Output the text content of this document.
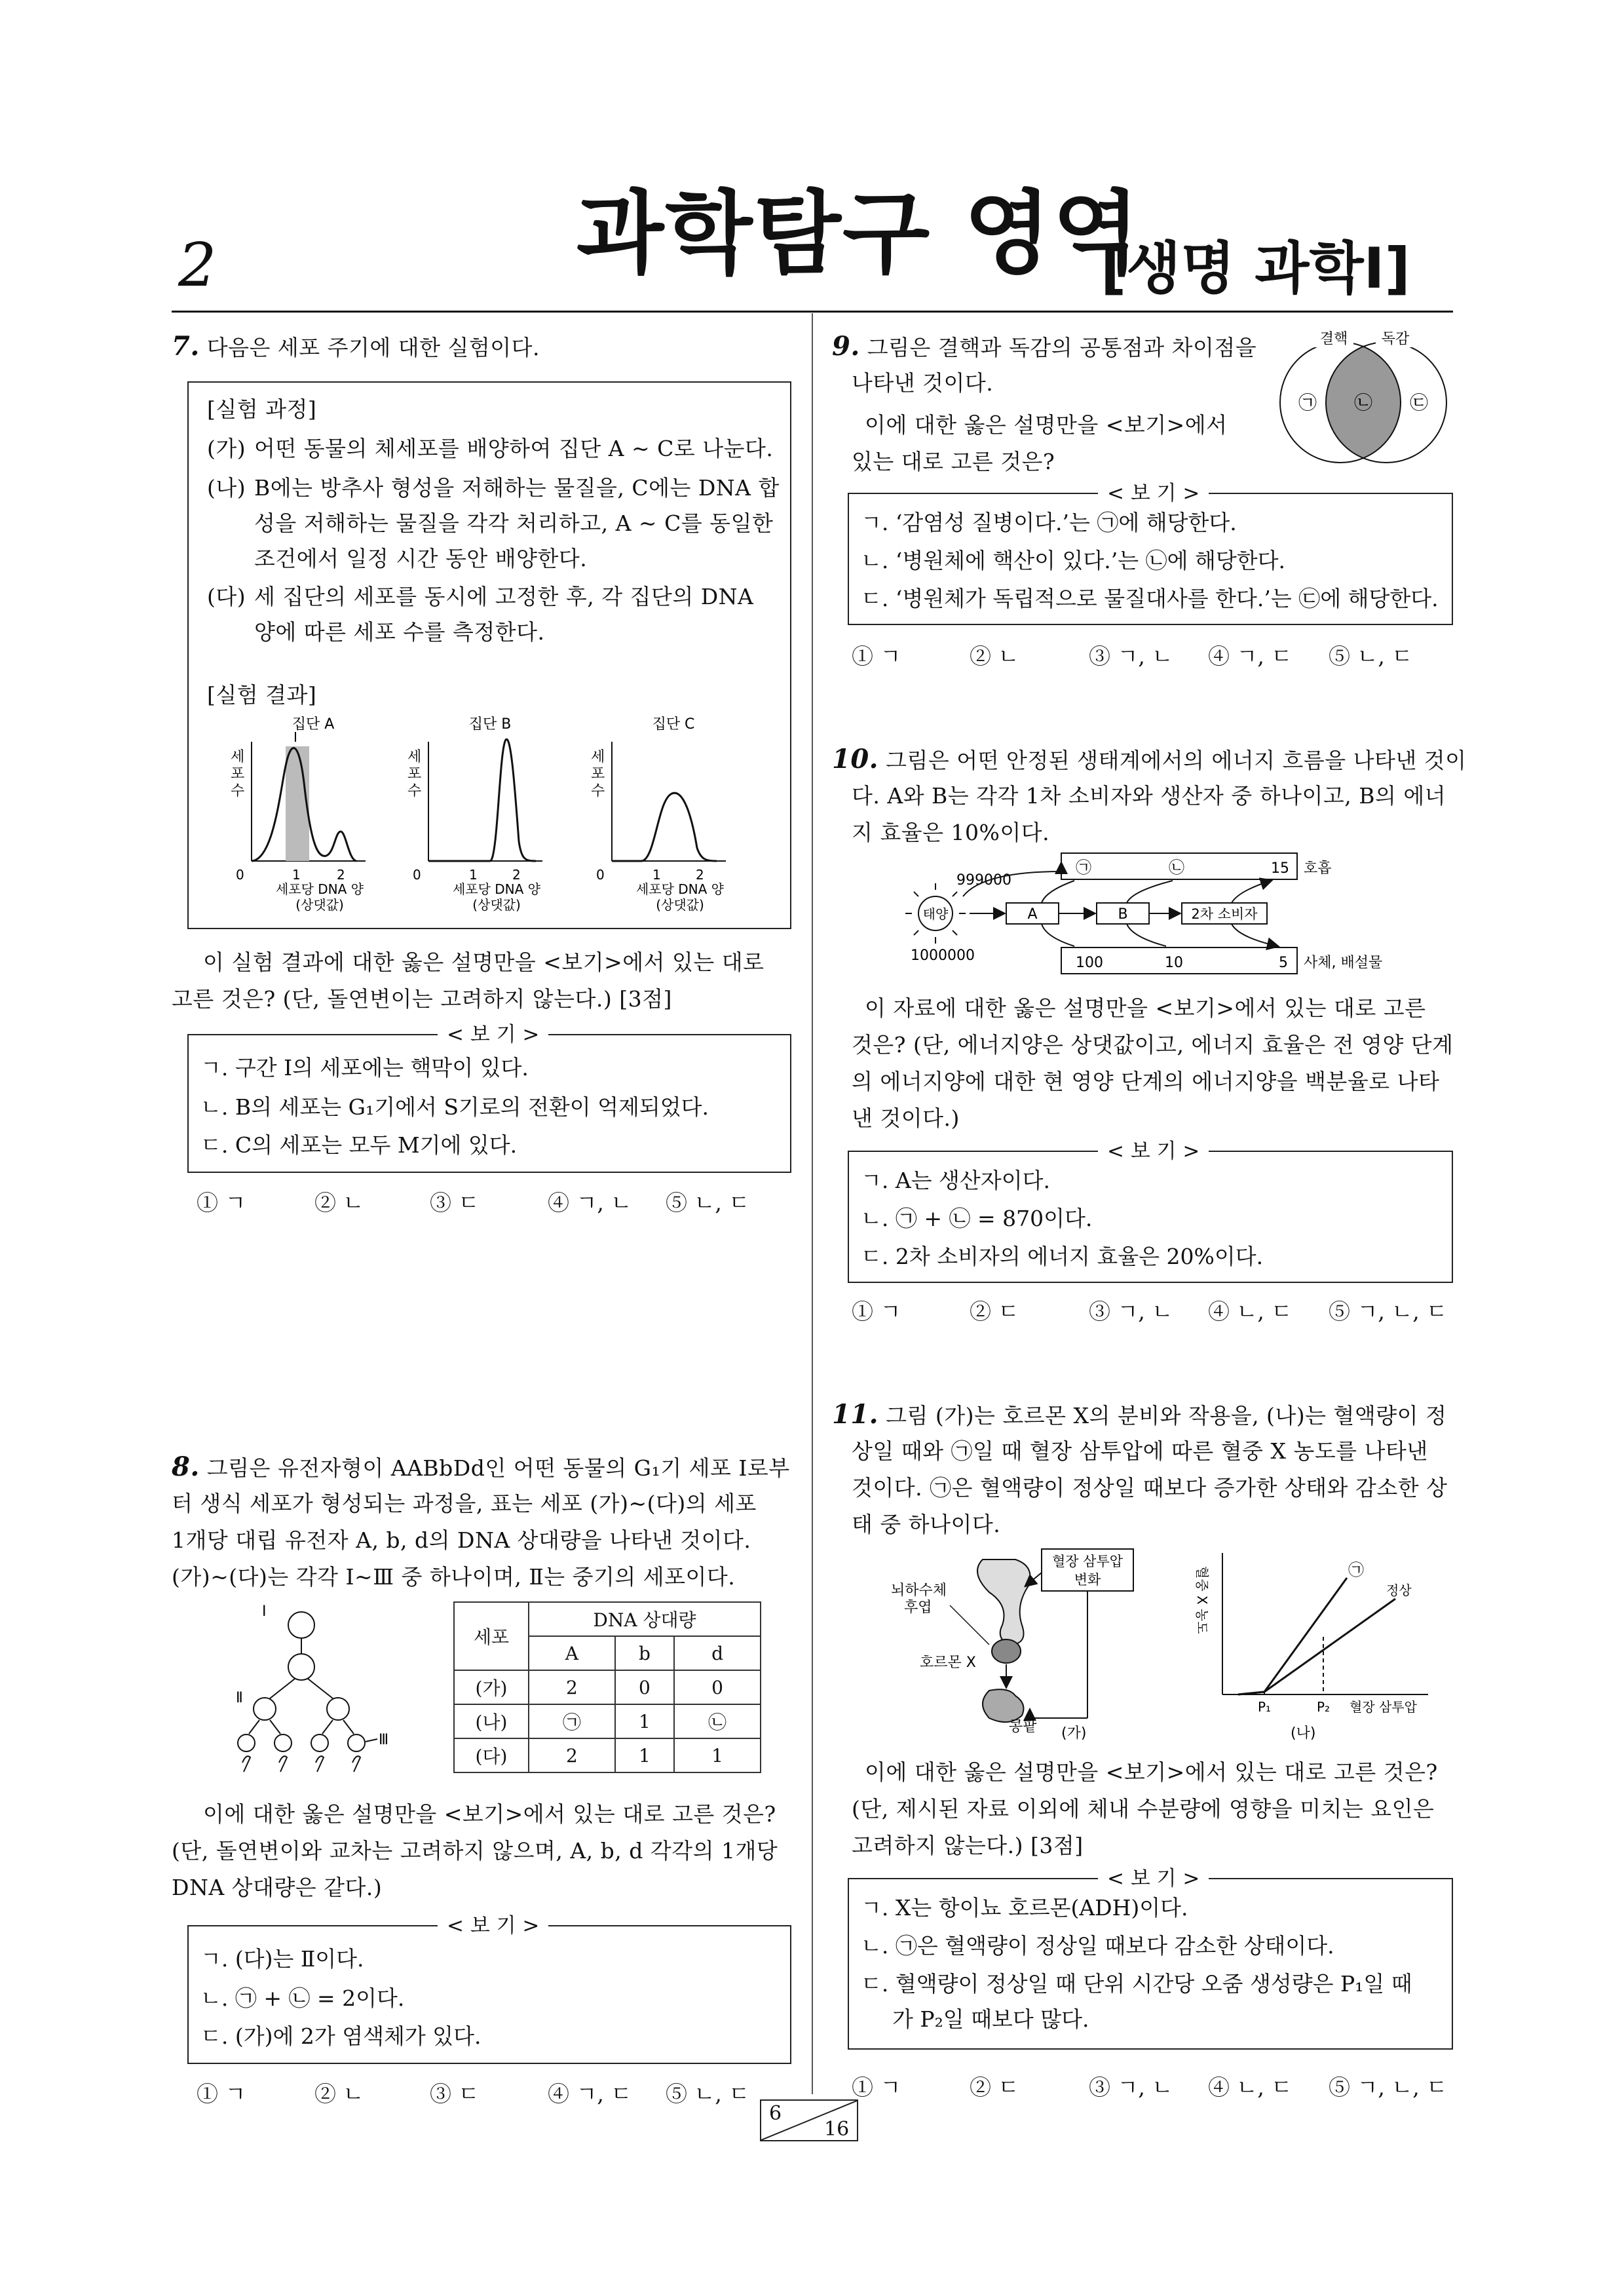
2	과학탐구 영역
[생명 과학Ⅰ]
7. 다음은 세포 주기에 대한 실험이다.
[실험 과정]
(가) 어떤 동물의 체세포를 배양하여 집단 A ~ C로 나눈다.
(나) B에는 방추사 형성을 저해하는 물질을, C에는 DNA 합
성을 저해하는 물질을 각각 처리하고, A ~ C를 동일한
조건에서 일정 시간 동안 배양한다.
(다) 세 집단의 세포를 동시에 고정한 후, 각 집단의 DNA
양에 따른 세포 수를 측정한다.
[실험 결과]
집단 A
세
포
수
Ⅰ
0	1	2
세포당 DNA 양
(상댓값)
집단 B
세
포
수
0	1	2
세포당 DNA 양
(상댓값)
집단 C
세
포
수
0	1	2
세포당 DNA 양
(상댓값)
이 실험 결과에 대한 옳은 설명만을 <보기>에서 있는 대로
고른 것은? (단, 돌연변이는 고려하지 않는다.) [3점]
< 보 기 >
ㄱ. 구간 Ⅰ의 세포에는 핵막이 있다.
ㄴ. B의 세포는 G₁기에서 S기로의 전환이 억제되었다.
ㄷ. C의 세포는 모두 M기에 있다.
① ㄱ	② ㄴ	③ ㄷ	④ ㄱ, ㄴ ⑤ ㄴ, ㄷ
8. 그림은 유전자형이 AABbDd인 어떤 동물의 G₁기 세포 Ⅰ로부
터 생식 세포가 형성되는 과정을, 표는 세포 (가)~(다)의 세포
1개당 대립 유전자 A, b, d의 DNA 상대량을 나타낸 것이다.
(가)~(다)는 각각 Ⅰ~Ⅲ 중 하나이며, Ⅱ는 중기의 세포이다.
Ⅰ
Ⅱ
Ⅲ
세포	DNA 상대량		
	A	b	d
(가)	2	0	0
(나)	㉠	1	㉡
(다)	2	1	1
이에 대한 옳은 설명만을 <보기>에서 있는 대로 고른 것은?
(단, 돌연변이와 교차는 고려하지 않으며, A, b, d 각각의 1개당
DNA 상대량은 같다.)
< 보 기 >
ㄱ. (다)는 Ⅱ이다.
ㄴ. ㉠ + ㉡ = 2이다.
ㄷ. (가)에 2가 염색체가 있다.
① ㄱ	② ㄴ	③ ㄷ	④ ㄱ, ㄷ ⑤ ㄴ, ㄷ
9. 그림은 결핵과 독감의 공통점과 차이점을
나타낸 것이다.
이에 대한 옳은 설명만을 <보기>에서
있는 대로 고른 것은?
결핵 독감
㉠ ㉡ ㉢
< 보 기 >
ㄱ. ‘감염성 질병이다.’는 ㉠에 해당한다.
ㄴ. ‘병원체에 핵산이 있다.’는 ㉡에 해당한다.
ㄷ. ‘병원체가 독립적으로 물질대사를 한다.’는 ㉢에 해당한다.
① ㄱ	② ㄴ	③ ㄱ, ㄴ ④ ㄱ, ㄷ ⑤ ㄴ, ㄷ
10. 그림은 어떤 안정된 생태계에서의 에너지 흐름을 나타낸 것이
다. A와 B는 각각 1차 소비자와 생산자 중 하나이고, B의 에너
지 효율은 10%이다.
태양
999000
1000000
A	B	2차 소비자
㉠	㉡	15 호흡
100	10	5 사체, 배설물
이 자료에 대한 옳은 설명만을 <보기>에서 있는 대로 고른
것은? (단, 에너지양은 상댓값이고, 에너지 효율은 전 영양 단계
의 에너지양에 대한 현 영양 단계의 에너지양을 백분율로 나타
낸 것이다.)
< 보 기 >
ㄱ. A는 생산자이다.
ㄴ. ㉠ + ㉡ = 870이다.
ㄷ. 2차 소비자의 에너지 효율은 20%이다.
① ㄱ	② ㄷ	③ ㄱ, ㄴ ④ ㄴ, ㄷ ⑤ ㄱ, ㄴ, ㄷ
11. 그림 (가)는 호르몬 X의 분비와 작용을, (나)는 혈액량이 정
상일 때와 ㉠일 때 혈장 삼투압에 따른 혈중 X 농도를 나타낸
것이다. ㉠은 혈액량이 정상일 때보다 증가한 상태와 감소한 상
태 중 하나이다.
뇌하수체
후엽
혈장 삼투압
변화
호르몬 X
콩팥 (가)
혈중 X 농도	㉠
정상
P₁	P₂ 혈장 삼투압
(나)
이에 대한 옳은 설명만을 <보기>에서 있는 대로 고른 것은?
(단, 제시된 자료 이외에 체내 수분량에 영향을 미치는 요인은
고려하지 않는다.) [3점]
< 보 기 >
ㄱ. X는 항이뇨 호르몬(ADH)이다.
ㄴ. ㉠은 혈액량이 정상일 때보다 감소한 상태이다.
ㄷ. 혈액량이 정상일 때 단위 시간당 오줌 생성량은 P₁일 때
가 P₂일 때보다 많다.
① ㄱ	② ㄷ	③ ㄱ, ㄴ ④ ㄴ, ㄷ ⑤ ㄱ, ㄴ, ㄷ
6
16
